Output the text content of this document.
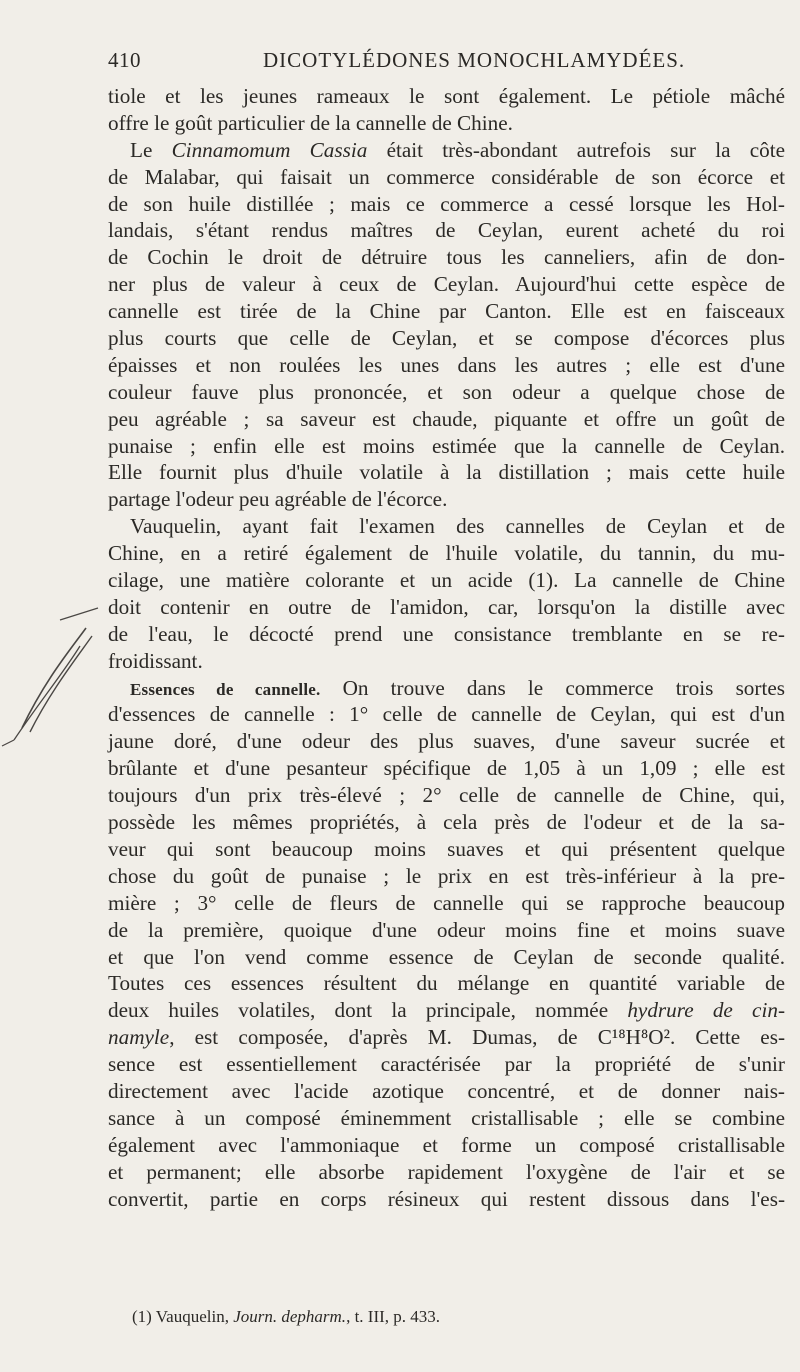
410	DICOTYLÉDONES MONOCHLAMYDÉES.
tiole et les jeunes rameaux le sont également. Le pétiole mâché
offre le goût particulier de la cannelle de Chine.
Le Cinnamomum Cassia était très-abondant autrefois sur la côte
de Malabar, qui faisait un commerce considérable de son écorce et
de son huile distillée ; mais ce commerce a cessé lorsque les Hol-
landais, s'étant rendus maîtres de Ceylan, eurent acheté du roi
de Cochin le droit de détruire tous les canneliers, afin de don-
ner plus de valeur à ceux de Ceylan. Aujourd'hui cette espèce de
cannelle est tirée de la Chine par Canton. Elle est en faisceaux
plus courts que celle de Ceylan, et se compose d'écorces plus
épaisses et non roulées les unes dans les autres ; elle est d'une
couleur fauve plus prononcée, et son odeur a quelque chose de
peu agréable ; sa saveur est chaude, piquante et offre un goût de
punaise ; enfin elle est moins estimée que la cannelle de Ceylan.
Elle fournit plus d'huile volatile à la distillation ; mais cette huile
partage l'odeur peu agréable de l'écorce.
Vauquelin, ayant fait l'examen des cannelles de Ceylan et de
Chine, en a retiré également de l'huile volatile, du tannin, du mu-
cilage, une matière colorante et un acide (1). La cannelle de Chine
doit contenir en outre de l'amidon, car, lorsqu'on la distille avec
de l'eau, le décocté prend une consistance tremblante en se re-
froidissant.
Essences de cannelle. On trouve dans le commerce trois sortes
d'essences de cannelle : 1° celle de cannelle de Ceylan, qui est d'un
jaune doré, d'une odeur des plus suaves, d'une saveur sucrée et
brûlante et d'une pesanteur spécifique de 1,05 à un 1,09 ; elle est
toujours d'un prix très-élevé ; 2° celle de cannelle de Chine, qui,
possède les mêmes propriétés, à cela près de l'odeur et de la sa-
veur qui sont beaucoup moins suaves et qui présentent quelque
chose du goût de punaise ; le prix en est très-inférieur à la pre-
mière ; 3° celle de fleurs de cannelle qui se rapproche beaucoup
de la première, quoique d'une odeur moins fine et moins suave
et que l'on vend comme essence de Ceylan de seconde qualité.
Toutes ces essences résultent du mélange en quantité variable de
deux huiles volatiles, dont la principale, nommée hydrure de cin-
namyle, est composée, d'après M. Dumas, de C¹⁸H⁸O². Cette es-
sence est essentiellement caractérisée par la propriété de s'unir
directement avec l'acide azotique concentré, et de donner nais-
sance à un composé éminemment cristallisable ; elle se combine
également avec l'ammoniaque et forme un composé cristallisable
et permanent; elle absorbe rapidement l'oxygène de l'air et se
convertit, partie en corps résineux qui restent dissous dans l'es-
(1) Vauquelin, Journ. depharm., t. III, p. 433.
